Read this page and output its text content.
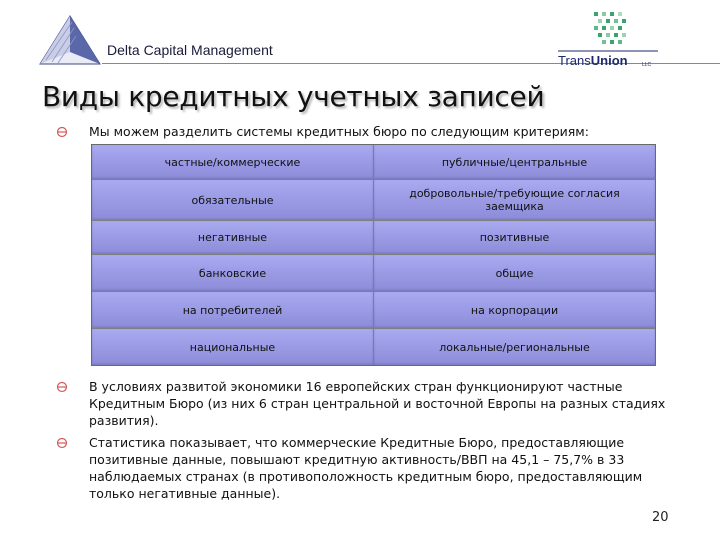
Delta Capital Management
TransUnion	LLC
Виды кредитных учетных записей
Мы можем разделить системы кредитных бюро по следующим критериям:
частные/коммерческие	публичные/центральные
обязательные	добровольные/требующие согласия заемщика
негативные	позитивные
банковские	общие
на потребителей	на корпорации
национальные	локальные/региональные
В условиях развитой экономики 16 европейских стран функционируют частные Кредитным Бюро (из них 6 стран центральной и восточной Европы на разных стадиях развития).
Статистика показывает, что коммерческие Кредитные Бюро, предоставляющие позитивные данные, повышают кредитную активность/ВВП на 45,1 – 75,7% в 33 наблюдаемых странах (в противоположность кредитным бюро, предоставляющим только негативные данные).
20
